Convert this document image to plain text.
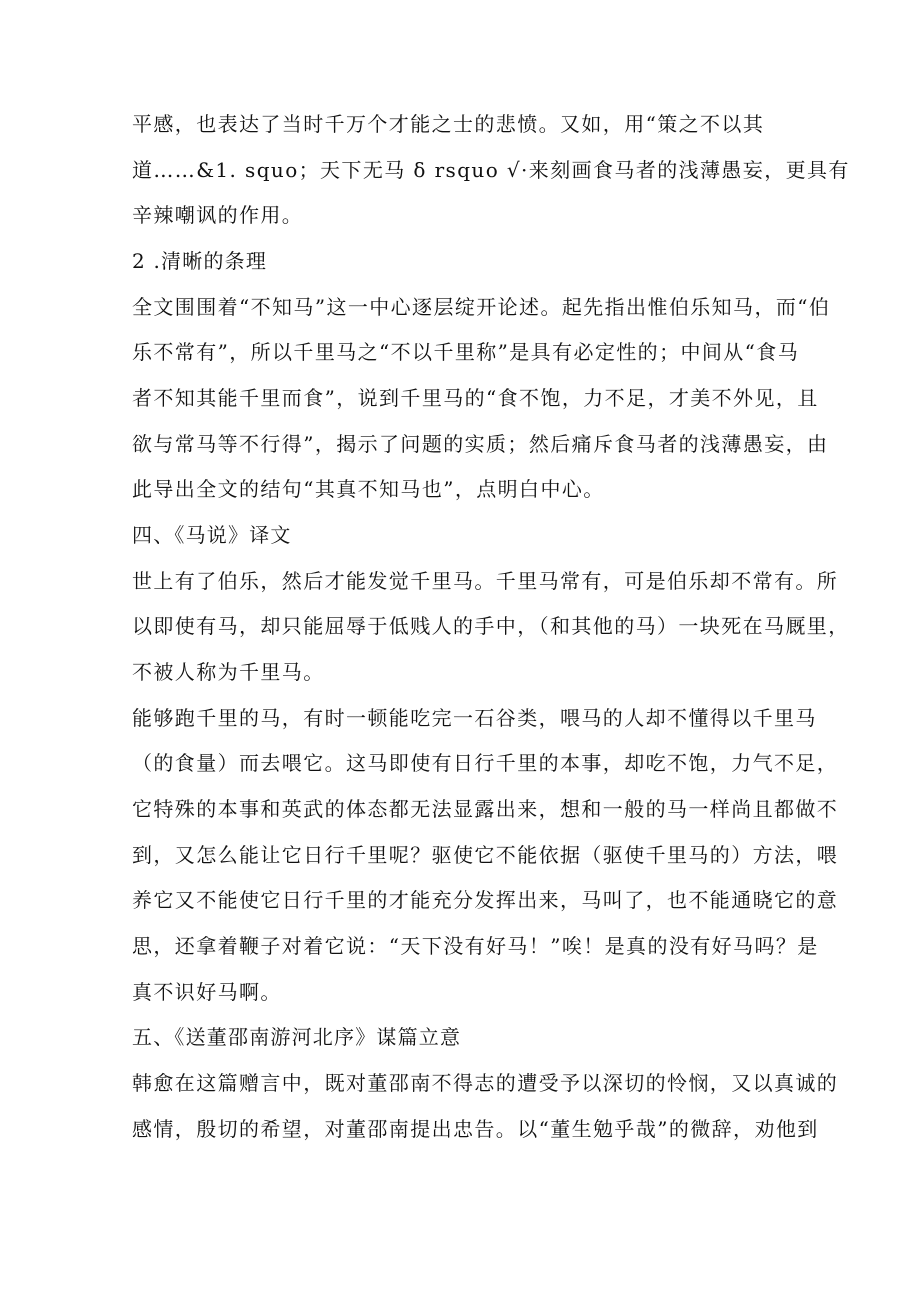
平感，也表达了当时千万个才能之士的悲愤。又如，用“策之不以其
道……&1. squo；天下无马 δ rsquo √·来刻画食马者的浅薄愚妄，更具有
辛辣嘲讽的作用。
2 .清晰的条理
全文围围着“不知马”这一中心逐层绽开论述。起先指出惟伯乐知马，而“伯
乐不常有”，所以千里马之“不以千里称”是具有必定性的；中间从“食马
者不知其能千里而食”，说到千里马的“食不饱，力不足，才美不外见，且
欲与常马等不行得”，揭示了问题的实质；然后痛斥食马者的浅薄愚妄，由
此导出全文的结句“其真不知马也”，点明白中心。
四、《马说》译文
世上有了伯乐，然后才能发觉千里马。千里马常有，可是伯乐却不常有。所
以即使有马，却只能屈辱于低贱人的手中，（和其他的马）一块死在马厩里，
不被人称为千里马。
能够跑千里的马，有时一顿能吃完一石谷类，喂马的人却不懂得以千里马
（的食量）而去喂它。这马即使有日行千里的本事，却吃不饱，力气不足，
它特殊的本事和英武的体态都无法显露出来，想和一般的马一样尚且都做不
到，又怎么能让它日行千里呢？驱使它不能依据（驱使千里马的）方法，喂
养它又不能使它日行千里的才能充分发挥出来，马叫了，也不能通晓它的意
思，还拿着鞭子对着它说：“天下没有好马！”唉！是真的没有好马吗？是
真不识好马啊。
五、《送董邵南游河北序》谋篇立意
韩愈在这篇赠言中，既对董邵南不得志的遭受予以深切的怜悯，又以真诚的
感情，殷切的希望，对董邵南提出忠告。以“董生勉乎哉”的微辞，劝他到
